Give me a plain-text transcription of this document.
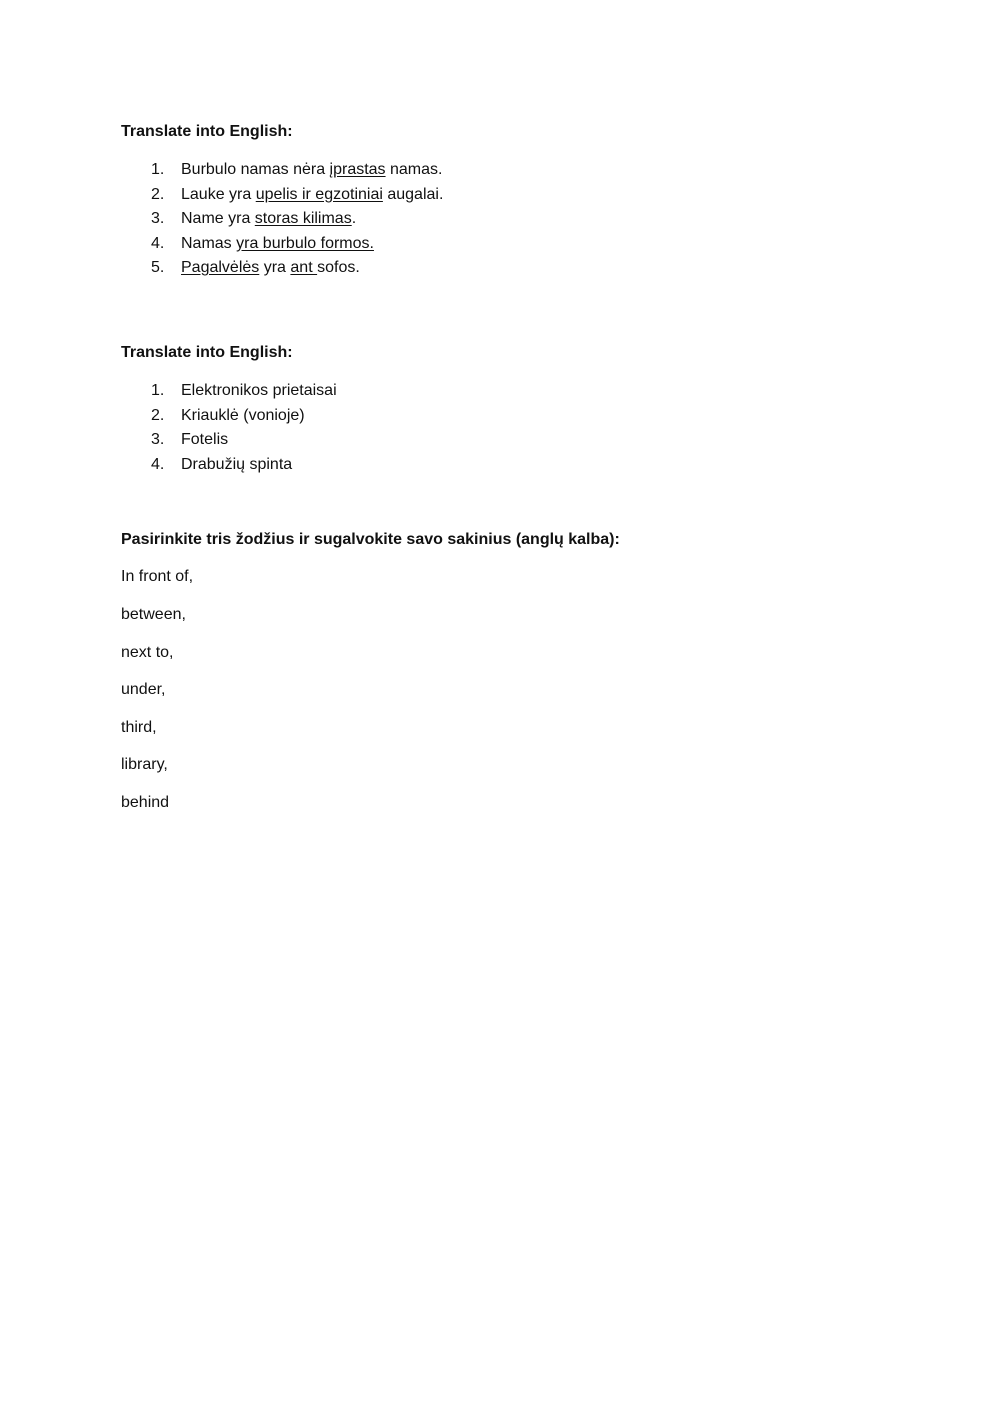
Translate into English:

1.	Burbulo namas nėra įprastas namas.
2.	Lauke yra upelis ir egzotiniai augalai.
3.	Name yra storas kilimas.
4.	Namas yra burbulo formos.
5.	Pagalvėlės yra ant sofos.

Translate into English:

1.	Elektronikos prietaisai
2.	Kriauklė (vonioje)
3.	Fotelis
4.	Drabužių spinta

Pasirinkite tris žodžius ir sugalvokite savo sakinius (anglų kalba):

In front of,

between,

next to,

under,

third,

library,

behind
